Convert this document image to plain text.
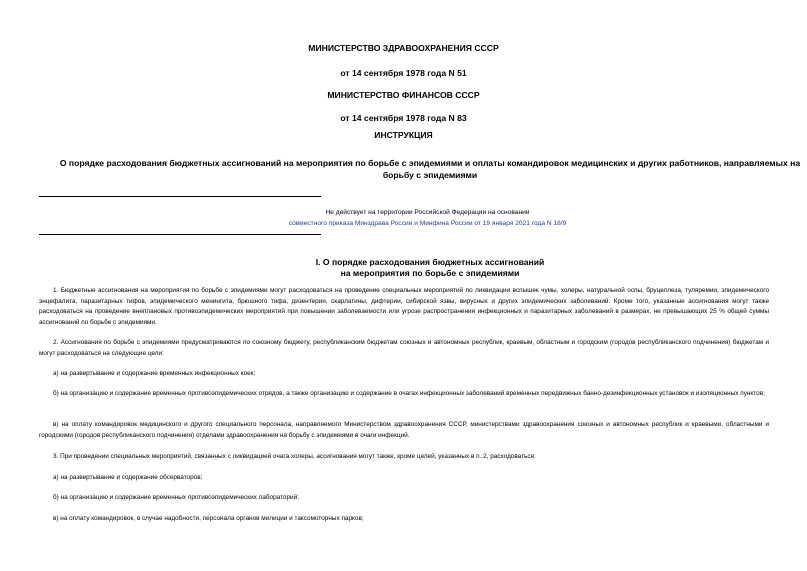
МИНИСТЕРСТВО ЗДРАВООХРАНЕНИЯ СССР
от 14 сентября 1978 года N 51
МИНИСТЕРСТВО ФИНАНСОВ СССР
от 14 сентября 1978 года N 83
ИНСТРУКЦИЯ
О порядке расходования бюджетных ассигнований на мероприятия по борьбе с эпидемиями и оплаты командировок медицинских и других работников, направляемых на борьбу с эпидемиями
Не действует на территории Российской Федерации на основании
совместного приказа Минздрава России и Минфина России от 19 января 2021 года N 18/9
I. О порядке расходования бюджетных ассигнований
на мероприятия по борьбе с эпидемиями

1. Бюджетные ассигнования на мероприятия по борьбе с эпидемиями могут расходоваться на проведение специальных мероприятий по ликвидации вспышек чумы, холеры, натуральной оспы, бруцеллеза, туляремии, эпидемического энцефалита, паразитарных тифов, эпидемического менингита, брюшного тифа, дизентерии, скарлатины, дифтерии, сибирской язвы, вирусных и других эпидемических заболеваний. Кроме того, указанные ассигнования могут также расходоваться на проведение внеплановых противоэпидемических мероприятий при повышении заболеваемости или угрозе распространения инфекционных и паразитарных заболеваний в размерах, не превышающих 25 % общей суммы ассигнований по борьбе с эпидемиями.

2. Ассигнования по борьбе с эпидемиями предусматриваются по союзному бюджету, республиканским бюджетам союзных и автономных республик, краевым, областным и городским (городов республиканского подчинения) бюджетам и могут расходоваться на следующие цели:

а) на развертывание и содержание временных инфекционных коек;

б) на организацию и содержание временных противоэпидемических отрядов, а также организацию и содержание в очагах инфекционных заболеваний временных передвижных банно-дезинфекционных установок и изоляционных пунктов;

в) на оплату командировок медицинского и другого специального персонала, направляемого Министерством здравоохранения СССР, министерствами здравоохранения союзных и автономных республик и краевыми, областными и городскими (городов республиканского подчинения) отделами здравоохранения на борьбу с эпидемиями в очаги инфекций.

3. При проведении специальных мероприятий, связанных с ликвидацией очага холеры, ассигнования могут также, кроме целей, указанных в п. 2, расходоваться:

а) на развертывание и содержание обсерваторов;

б) на организацию и содержание временных противоэпидемических лабораторий;

в) на оплату командировок, в случае надобности, персонала органов милиции и таксомоторных парков;
